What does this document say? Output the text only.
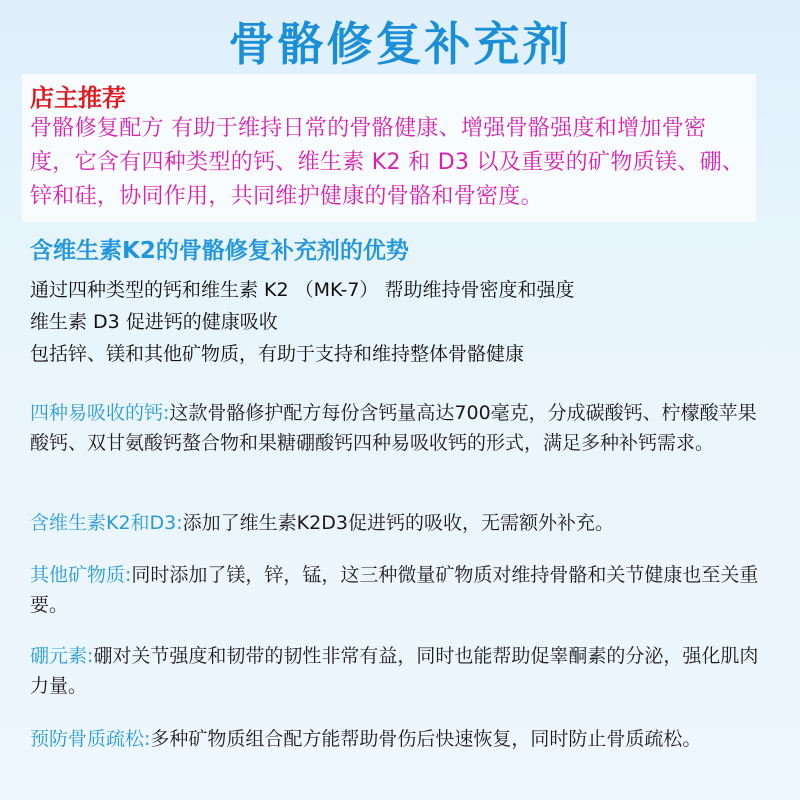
骨骼修复补充剂
店主推荐
骨骼修复配方 有助于维持日常的骨骼健康、增强骨骼强度和增加骨密度，它含有四种类型的钙、维生素 K2 和 D3 以及重要的矿物质镁、硼、锌和硅，协同作用，共同维护健康的骨骼和骨密度。
含维生素K2的骨骼修复补充剂的优势
通过四种类型的钙和维生素 K2 （MK-7） 帮助维持骨密度和强度
维生素 D3 促进钙的健康吸收
包括锌、镁和其他矿物质，有助于支持和维持整体骨骼健康
四种易吸收的钙:这款骨骼修护配方每份含钙量高达700毫克，分成碳酸钙、柠檬酸苹果酸钙、双甘氨酸钙螯合物和果糖硼酸钙四种易吸收钙的形式，满足多种补钙需求。
含维生素K2和D3:添加了维生素K2D3促进钙的吸收，无需额外补充。
其他矿物质:同时添加了镁，锌，锰，这三种微量矿物质对维持骨骼和关节健康也至关重要。
硼元素:硼对关节强度和韧带的韧性非常有益，同时也能帮助促睾酮素的分泌，强化肌肉力量。
预防骨质疏松:多种矿物质组合配方能帮助骨伤后快速恢复，同时防止骨质疏松。
